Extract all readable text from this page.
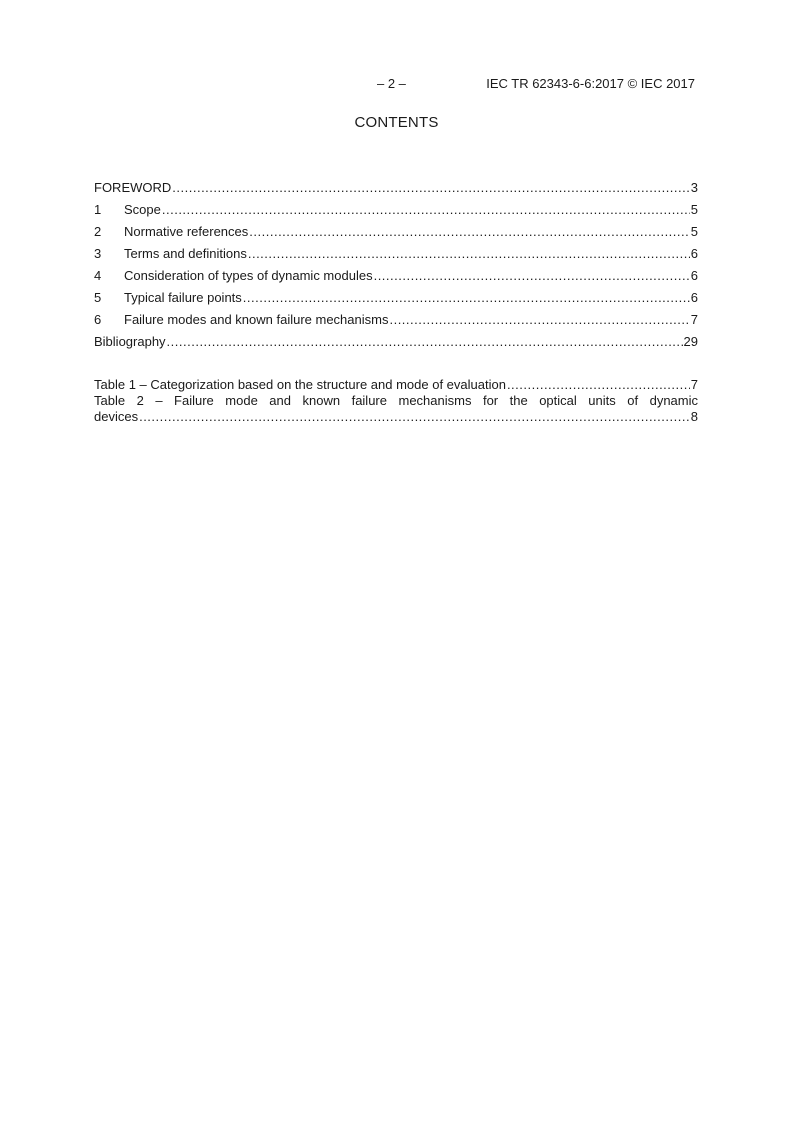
– 2 –	IEC TR 62343-6-6:2017 © IEC 2017
CONTENTS
FOREWORD .....	3
1	Scope .....	5
2	Normative references .....	5
3	Terms and definitions .....	6
4	Consideration of types of dynamic modules .....	6
5	Typical failure points .....	6
6	Failure modes and known failure mechanisms .....	7
Bibliography .....	29
Table 1 – Categorization based on the structure and mode of evaluation .....	7
Table 2 – Failure mode and known failure mechanisms for the optical units of dynamic
devices .....	8
